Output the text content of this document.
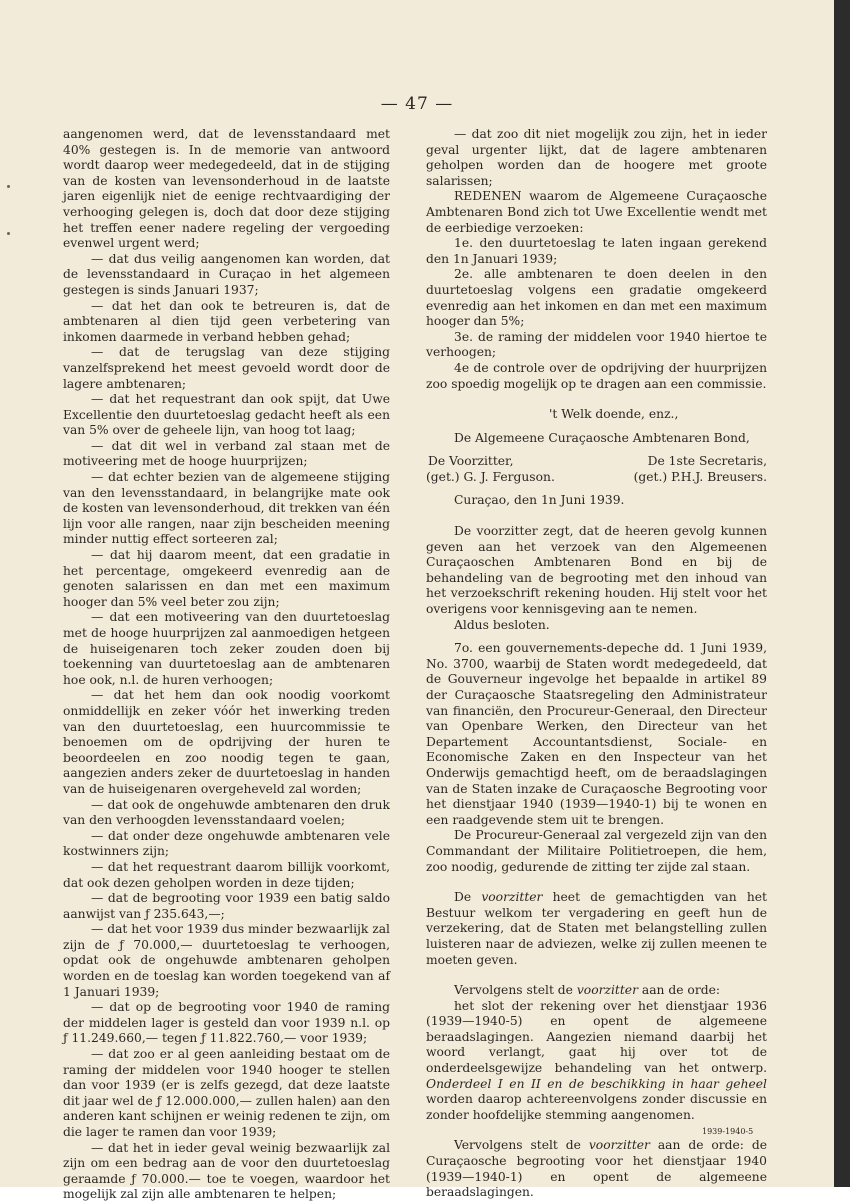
— 47 —

aangenomen werd, dat de levensstandaard met 40% gestegen is. In de memorie van antwoord wordt daarop weer medegedeeld, dat in de stijging van de kosten van levensonderhoud in de laatste jaren eigenlijk niet de eenige rechtvaardiging der verhooging gelegen is, doch dat door deze stijging het treffen eener nadere regeling der vergoeding evenwel urgent werd;

— dat dus veilig aangenomen kan worden, dat de levensstandaard in Curaçao in het algemeen gestegen is sinds Januari 1937;

— dat het dan ook te betreuren is, dat de ambtenaren al dien tijd geen verbetering van inkomen daarmede in verband hebben gehad;

— dat de terugslag van deze stijging vanzelfsprekend het meest gevoeld wordt door de lagere ambtenaren;

— dat het requestrant dan ook spijt, dat Uwe Excellentie den duurtetoeslag gedacht heeft als een van 5% over de geheele lijn, van hoog tot laag;

— dat dit wel in verband zal staan met de motiveering met de hooge huurprijzen;

— dat echter bezien van de algemeene stijging van den levensstandaard, in belangrijke mate ook de kosten van levensonderhoud, dit trekken van één lijn voor alle rangen, naar zijn bescheiden meening minder nuttig effect sorteeren zal;

— dat hij daarom meent, dat een gradatie in het percentage, omgekeerd evenredig aan de genoten salarissen en dan met een maximum hooger dan 5% veel beter zou zijn;

— dat een motiveering van den duurtetoeslag met de hooge huurprijzen zal aanmoedigen hetgeen de huiseigenaren toch zeker zouden doen bij toekenning van duurtetoeslag aan de ambtenaren hoe ook, n.l. de huren verhoogen;

— dat het hem dan ook noodig voorkomt onmiddellijk en zeker vóór het inwerking treden van den duurtetoeslag, een huurcommissie te benoemen om de opdrijving der huren te beoordeelen en zoo noodig tegen te gaan, aangezien anders zeker de duurtetoeslag in handen van de huiseigenaren overgeheveld zal worden;

— dat ook de ongehuwde ambtenaren den druk van den verhoogden levensstandaard voelen;

— dat onder deze ongehuwde ambtenaren vele kostwinners zijn;

— dat het requestrant daarom billijk voorkomt, dat ook dezen geholpen worden in deze tijden;

— dat de begrooting voor 1939 een batig saldo aanwijst van ƒ 235.643,—;

— dat het voor 1939 dus minder bezwaarlijk zal zijn de ƒ 70.000,— duurtetoeslag te verhoogen, opdat ook de ongehuwde ambtenaren geholpen worden en de toeslag kan worden toegekend van af 1 Januari 1939;

— dat op de begrooting voor 1940 de raming der middelen lager is gesteld dan voor 1939 n.l. op ƒ 11.249.660,— tegen ƒ 11.822.760,— voor 1939;

— dat zoo er al geen aanleiding bestaat om de raming der middelen voor 1940 hooger te stellen dan voor 1939 (er is zelfs gezegd, dat deze laatste dit jaar wel de ƒ 12.000.000,— zullen halen) aan den anderen kant schijnen er weinig redenen te zijn, om die lager te ramen dan voor 1939;

— dat het in ieder geval weinig bezwaarlijk zal zijn om een bedrag aan de voor den duurtetoeslag geraamde ƒ 70.000.— toe te voegen, waardoor het mogelijk zal zijn alle ambtenaren te helpen;

— dat zoo dit niet mogelijk zou zijn, het in ieder geval urgenter lijkt, dat de lagere ambtenaren geholpen worden dan de hoogere met groote salarissen;

REDENEN waarom de Algemeene Curaçaosche Ambtenaren Bond zich tot Uwe Excellentie wendt met de eerbiedige verzoeken:

1e. den duurtetoeslag te laten ingaan gerekend den 1n Januari 1939;

2e. alle ambtenaren te doen deelen in den duurtetoeslag volgens een gradatie omgekeerd evenredig aan het inkomen en dan met een maximum hooger dan 5%;

3e. de raming der middelen voor 1940 hiertoe te verhoogen;

4e de controle over de opdrijving der huurprijzen zoo spoedig mogelijk op te dragen aan een commissie.

't Welk doende, enz.,

De Algemeene Curaçaosche Ambtenaren Bond,

De Voorzitter,
(get.) G. J. Ferguson.
De 1ste Secretaris,
(get.) P.H.J. Breusers.

Curaçao, den 1n Juni 1939.

De voorzitter zegt, dat de heeren gevolg kunnen geven aan het verzoek van den Algemeenen Curaçaoschen Ambtenaren Bond en bij de behandeling van de begrooting met den inhoud van het verzoekschrift rekening houden. Hij stelt voor het overigens voor kennisgeving aan te nemen.

Aldus besloten.

7o. een gouvernements-depeche dd. 1 Juni 1939, No. 3700, waarbij de Staten wordt medegedeeld, dat de Gouverneur ingevolge het bepaalde in artikel 89 der Curaçaosche Staatsregeling den Administrateur van financiën, den Procureur-Generaal, den Directeur van Openbare Werken, den Directeur van het Departement Accountantsdienst, Sociale- en Economische Zaken en den Inspecteur van het Onderwijs gemachtigd heeft, om de beraadslagingen van de Staten inzake de Curaçaosche Begrooting voor het dienstjaar 1940 (1939—1940-1) bij te wonen en een raadgevende stem uit te brengen.

De Procureur-Generaal zal vergezeld zijn van den Commandant der Militaire Politietroepen, die hem, zoo noodig, gedurende de zitting ter zijde zal staan.

De voorzitter heet de gemachtigden van het Bestuur welkom ter vergadering en geeft hun de verzekering, dat de Staten met belangstelling zullen luisteren naar de adviezen, welke zij zullen meenen te moeten geven.

Vervolgens stelt de voorzitter aan de orde:

het slot der rekening over het dienstjaar 1936 (1939—1940-5) en opent de algemeene beraadslagingen. Aangezien niemand daarbij het woord verlangt, gaat hij over tot de onderdeelsgewijze behandeling van het ontwerp. Onderdeel I en II en de beschikking in haar geheel worden daarop achtereenvolgens zonder discussie en zonder hoofdelijke stemming aangenomen.

Vervolgens stelt de voorzitter aan de orde: de Curaçaosche begrooting voor het dienstjaar 1940 (1939—1940-1) en opent de algemeene beraadslagingen.

1939-1940-5
